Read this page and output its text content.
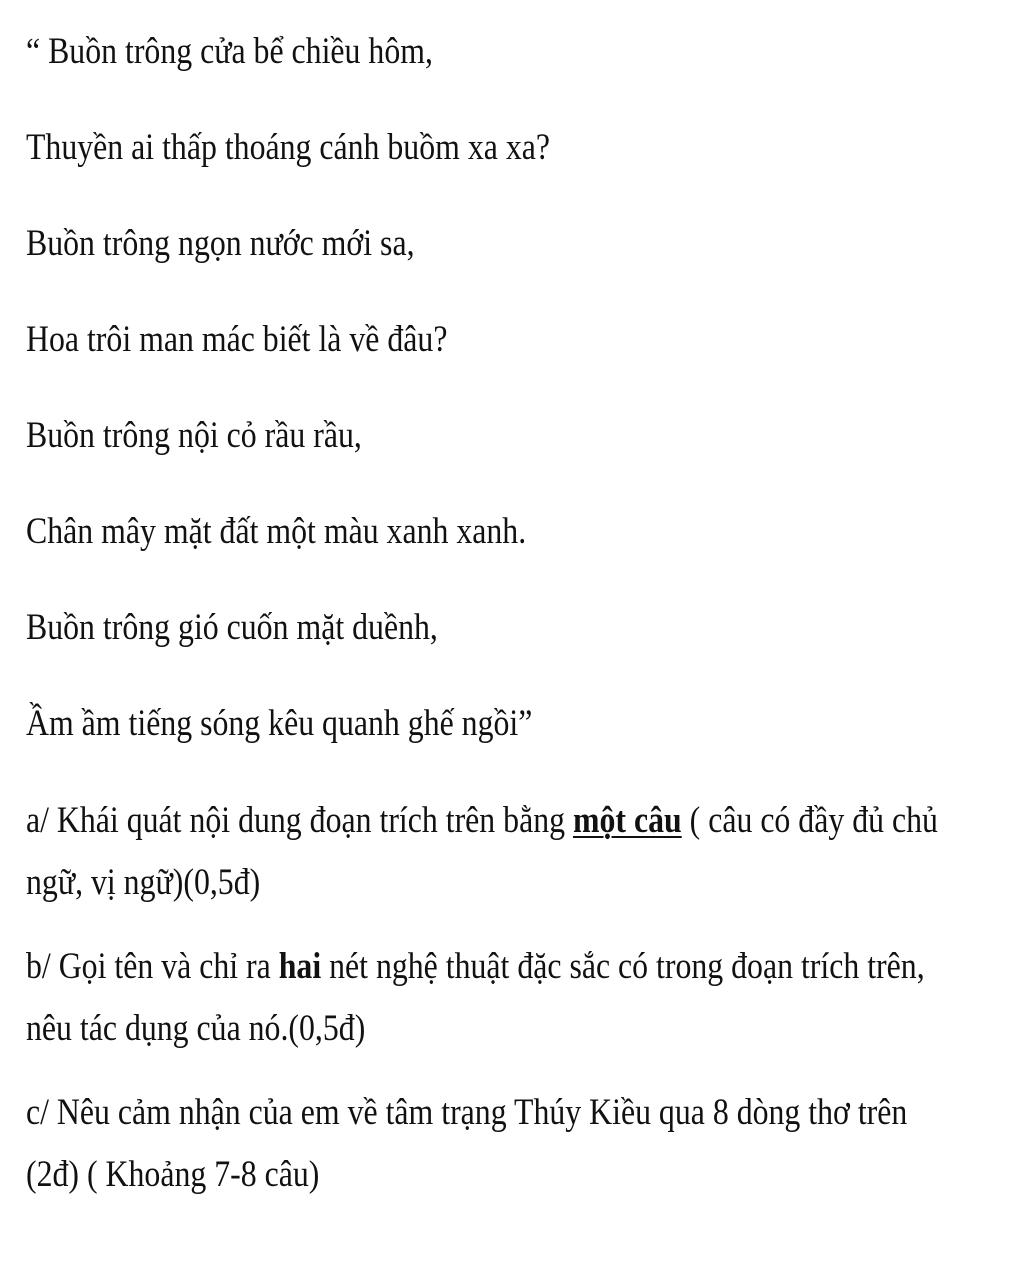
“ Buồn trông cửa bể chiều hôm,
Thuyền ai thấp thoáng cánh buồm xa xa?
Buồn trông ngọn nước mới sa,
Hoa trôi man mác biết là về đâu?
Buồn trông nội cỏ rầu rầu,
Chân mây mặt đất một màu xanh xanh.
Buồn trông gió cuốn mặt duềnh,
Ầm ầm tiếng sóng kêu quanh ghế ngồi”
a/ Khái quát nội dung đoạn trích trên bằng một câu ( câu có đầy đủ chủ
ngữ, vị ngữ)(0,5đ)
b/ Gọi tên và chỉ ra hai nét nghệ thuật đặc sắc có trong đoạn trích trên,
nêu tác dụng của nó.(0,5đ)
c/ Nêu cảm nhận của em về tâm trạng Thúy Kiều qua 8 dòng thơ trên
(2đ) ( Khoảng 7-8 câu)
